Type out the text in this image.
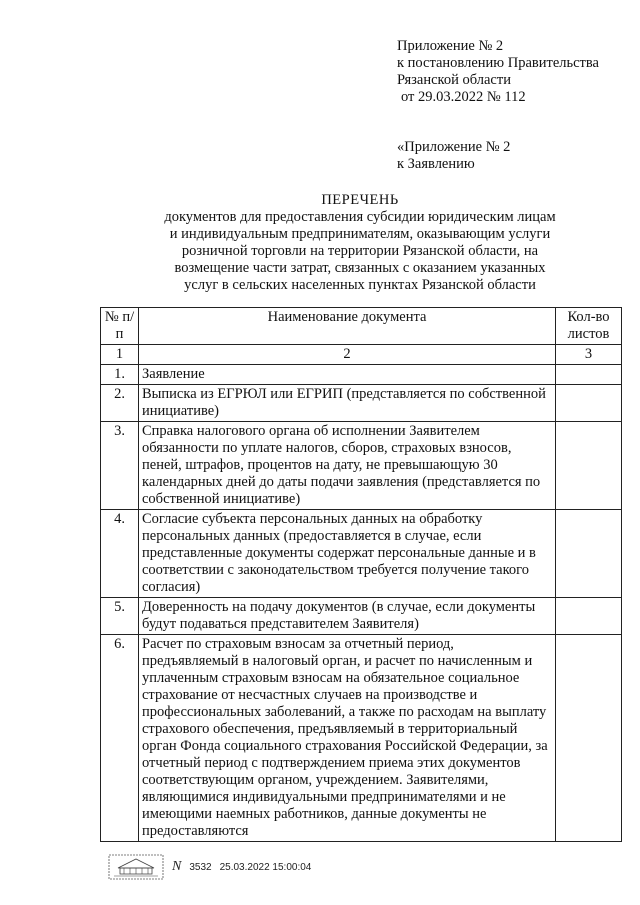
Приложение № 2
к постановлению Правительства
Рязанской области
от 29.03.2022 № 112
«Приложение № 2
к Заявлению
ПЕРЕЧЕНЬ
документов для предоставления субсидии юридическим лицам
и индивидуальным предпринимателям, оказывающим услуги
розничной торговли на территории Рязанской области, на
возмещение части затрат, связанных с оказанием указанных
услуг в сельских населенных пунктах Рязанской области
№ п/п	Наименование документа	Кол-во листов
1	2	3
1.	Заявление	
2.	Выписка из ЕГРЮЛ или ЕГРИП (представляется по собственной инициативе)	
3.	Справка налогового органа об исполнении Заявителем обязанности по уплате налогов, сборов, страховых взносов, пеней, штрафов, процентов на дату, не превышающую 30 календарных дней до даты подачи заявления (представляется по собственной инициативе)	
4.	Согласие субъекта персональных данных на обработку персональных данных (предоставляется в случае, если представленные документы содержат персональные данные и в соответствии с законодательством требуется получение такого согласия)	
5.	Доверенность на подачу документов (в случае, если документы будут подаваться представителем Заявителя)	
6.	Расчет по страховым взносам за отчетный период, предъявляемый в налоговый орган, и расчет по начисленным и уплаченным страховым взносам на обязательное социальное страхование от несчастных случаев на производстве и профессиональных заболеваний, а также по расходам на выплату страхового обеспечения, предъявляемый в территориальный орган Фонда социального страхования Российской Федерации, за отчетный период с подтверждением приема этих документов соответствующим органом, учреждением. Заявителями, являющимися индивидуальными предпринимателями и не имеющими наемных работников, данные документы не предоставляются	
N 3532 25.03.2022 15:00:04
